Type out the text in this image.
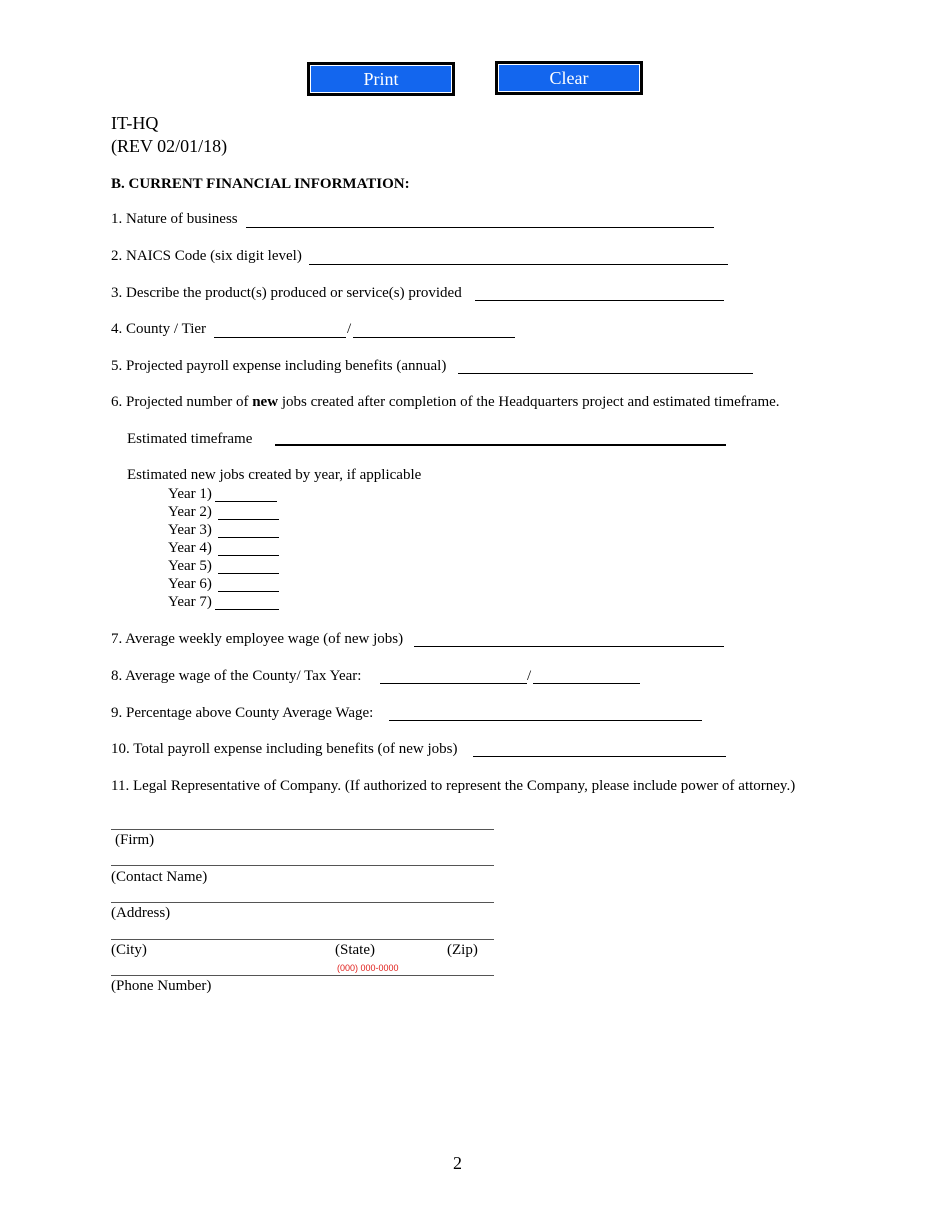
Print	Clear
IT-HQ
(REV 02/01/18)
B. CURRENT FINANCIAL INFORMATION:
1. Nature of business
2. NAICS Code (six digit level)
3. Describe the product(s) produced or service(s) provided
4. County / Tier	/
5. Projected payroll expense including benefits (annual)
6. Projected number of new jobs created after completion of the Headquarters project and estimated timeframe.
Estimated timeframe
Estimated new jobs created by year, if applicable
Year 1)
Year 2)
Year 3)
Year 4)
Year 5)
Year 6)
Year 7)
7. Average weekly employee wage (of new jobs)
8. Average wage of the County/ Tax Year:	/
9. Percentage above County Average Wage:
10. Total payroll expense including benefits (of new jobs)
11. Legal Representative of Company. (If authorized to represent the Company, please include power of attorney.)
(Firm)
(Contact Name)
(Address)
(City)	(State)	(Zip)
(000) 000-0000
(Phone Number)
2
